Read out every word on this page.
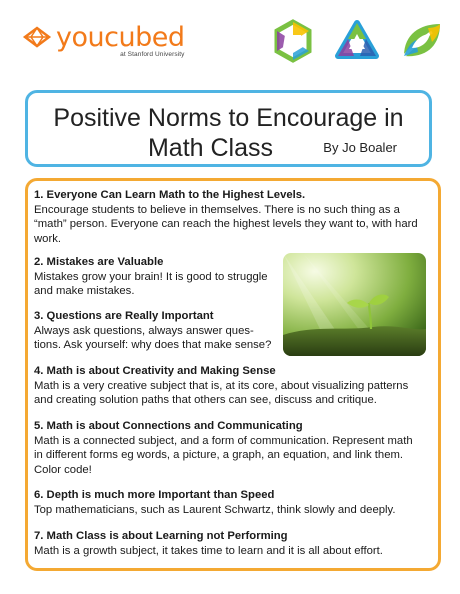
youcubed
at Stanford University
Positive Norms to Encourage in
Math Class	By Jo Boaler
1. Everyone Can Learn Math to the Highest Levels.

Encourage students to believe in themselves. There is no such thing as a

“math” person. Everyone can reach the highest levels they want to, with hard

work.

2. Mistakes are Valuable

Mistakes grow your brain! It is good to struggle

and make mistakes.

3. Questions are Really Important

Always ask questions, always answer ques-

tions. Ask yourself: why does that make sense?

4. Math is about Creativity and Making Sense

Math is a very creative subject that is, at its core, about visualizing patterns

and creating solution paths that others can see, discuss and critique.

5. Math is about Connections and Communicating

Math is a connected subject, and a form of communication. Represent math

in different forms eg words, a picture, a graph, an equation, and link them.

Color code!

6. Depth is much more Important than Speed

Top mathematicians, such as Laurent Schwartz, think slowly and deeply.

7. Math Class is about Learning not Performing

Math is a growth subject, it takes time to learn and it is all about effort.
